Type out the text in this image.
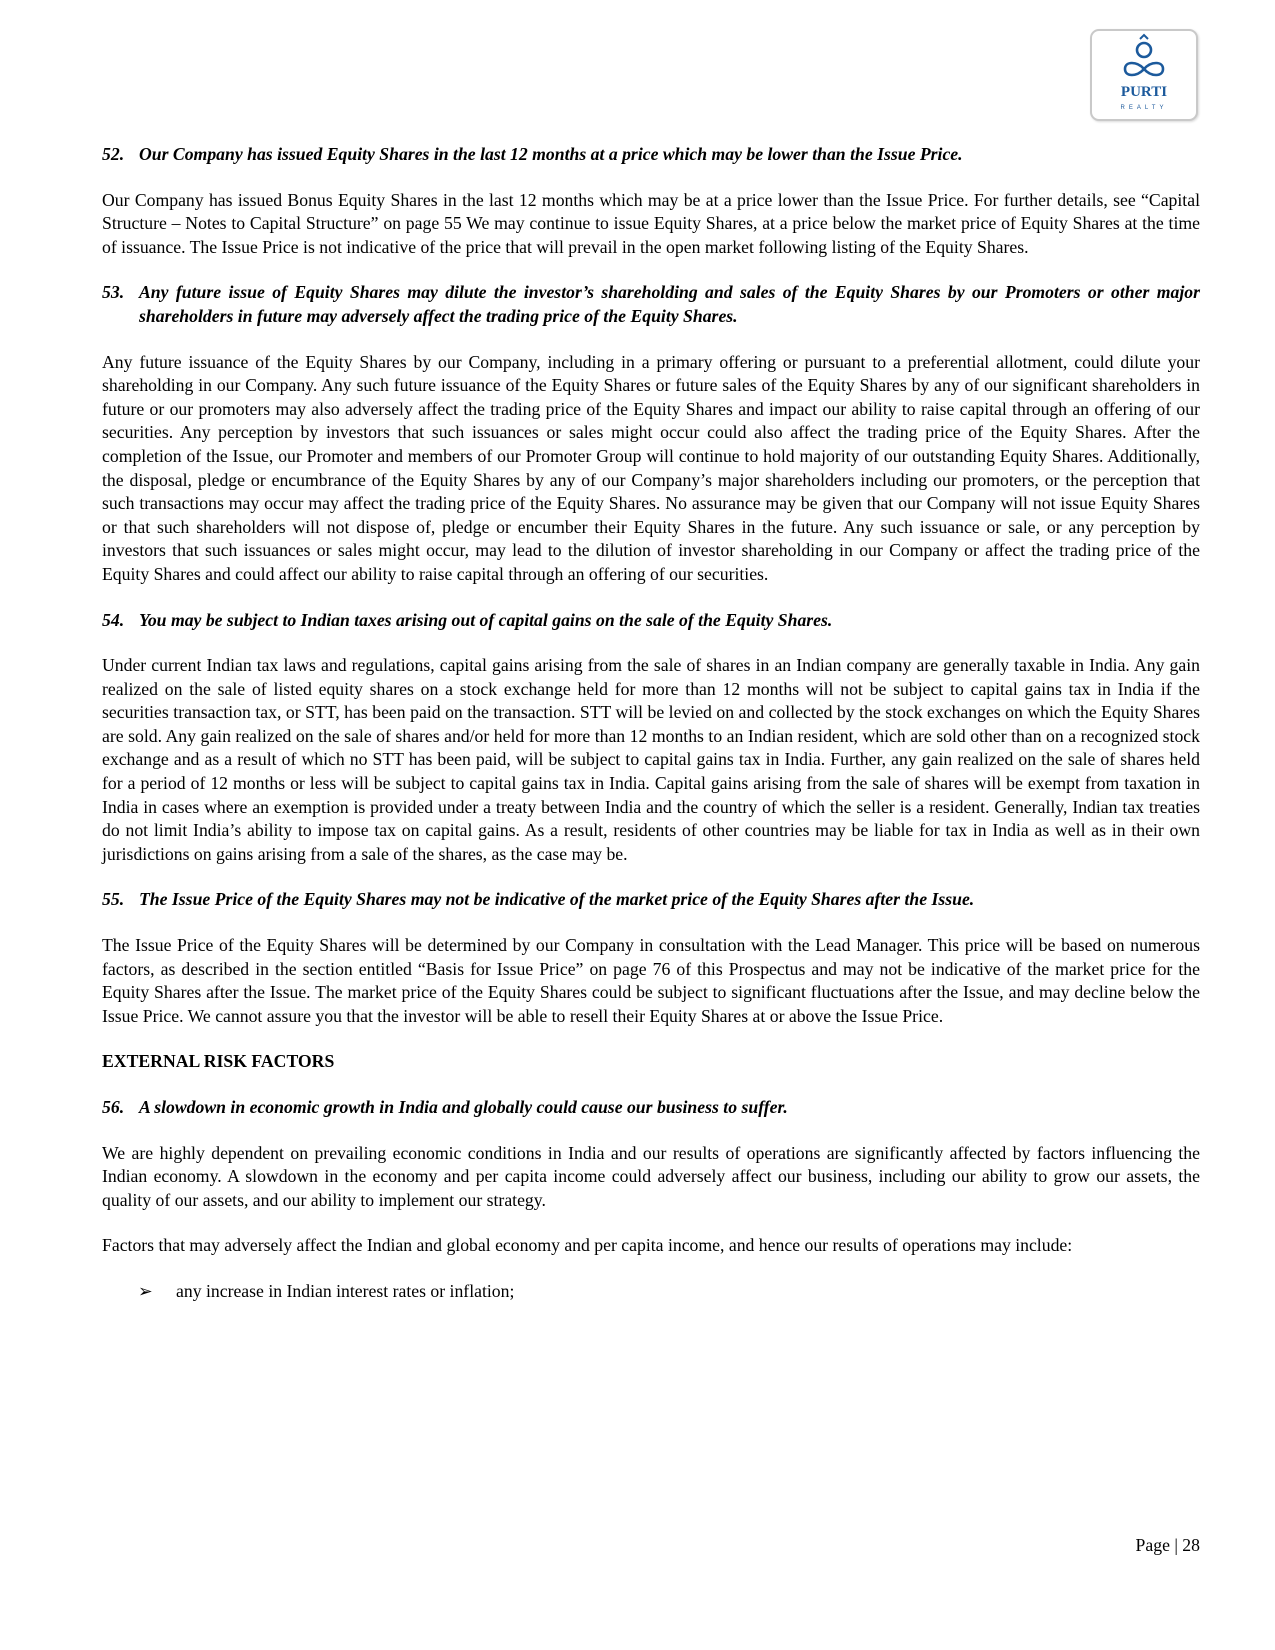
PURTI
REALTY
52. Our Company has issued Equity Shares in the last 12 months at a price which may be lower than the Issue Price.

Our Company has issued Bonus Equity Shares in the last 12 months which may be at a price lower than the Issue Price. For further details, see “Capital Structure – Notes to Capital Structure” on page 55 We may continue to issue Equity Shares, at a price below the market price of Equity Shares at the time of issuance. The Issue Price is not indicative of the price that will prevail in the open market following listing of the Equity Shares.

53. Any future issue of Equity Shares may dilute the investor’s shareholding and sales of the Equity Shares by our Promoters or other major shareholders in future may adversely affect the trading price of the Equity Shares.

Any future issuance of the Equity Shares by our Company, including in a primary offering or pursuant to a preferential allotment, could dilute your shareholding in our Company. Any such future issuance of the Equity Shares or future sales of the Equity Shares by any of our significant shareholders in future or our promoters may also adversely affect the trading price of the Equity Shares and impact our ability to raise capital through an offering of our securities. Any perception by investors that such issuances or sales might occur could also affect the trading price of the Equity Shares. After the completion of the Issue, our Promoter and members of our Promoter Group will continue to hold majority of our outstanding Equity Shares. Additionally, the disposal, pledge or encumbrance of the Equity Shares by any of our Company’s major shareholders including our promoters, or the perception that such transactions may occur may affect the trading price of the Equity Shares. No assurance may be given that our Company will not issue Equity Shares or that such shareholders will not dispose of, pledge or encumber their Equity Shares in the future. Any such issuance or sale, or any perception by investors that such issuances or sales might occur, may lead to the dilution of investor shareholding in our Company or affect the trading price of the Equity Shares and could affect our ability to raise capital through an offering of our securities.

54. You may be subject to Indian taxes arising out of capital gains on the sale of the Equity Shares.

Under current Indian tax laws and regulations, capital gains arising from the sale of shares in an Indian company are generally taxable in India. Any gain realized on the sale of listed equity shares on a stock exchange held for more than 12 months will not be subject to capital gains tax in India if the securities transaction tax, or STT, has been paid on the transaction. STT will be levied on and collected by the stock exchanges on which the Equity Shares are sold. Any gain realized on the sale of shares and/or held for more than 12 months to an Indian resident, which are sold other than on a recognized stock exchange and as a result of which no STT has been paid, will be subject to capital gains tax in India. Further, any gain realized on the sale of shares held for a period of 12 months or less will be subject to capital gains tax in India. Capital gains arising from the sale of shares will be exempt from taxation in India in cases where an exemption is provided under a treaty between India and the country of which the seller is a resident. Generally, Indian tax treaties do not limit India’s ability to impose tax on capital gains. As a result, residents of other countries may be liable for tax in India as well as in their own jurisdictions on gains arising from a sale of the shares, as the case may be.

55. The Issue Price of the Equity Shares may not be indicative of the market price of the Equity Shares after the Issue.

The Issue Price of the Equity Shares will be determined by our Company in consultation with the Lead Manager. This price will be based on numerous factors, as described in the section entitled “Basis for Issue Price” on page 76 of this Prospectus and may not be indicative of the market price for the Equity Shares after the Issue. The market price of the Equity Shares could be subject to significant fluctuations after the Issue, and may decline below the Issue Price. We cannot assure you that the investor will be able to resell their Equity Shares at or above the Issue Price.

EXTERNAL RISK FACTORS
56. A slowdown in economic growth in India and globally could cause our business to suffer.

We are highly dependent on prevailing economic conditions in India and our results of operations are significantly affected by factors influencing the Indian economy. A slowdown in the economy and per capita income could adversely affect our business, including our ability to grow our assets, the quality of our assets, and our ability to implement our strategy.

Factors that may adversely affect the Indian and global economy and per capita income, and hence our results of operations may include:

➢	any increase in Indian interest rates or inflation;
Page | 28
